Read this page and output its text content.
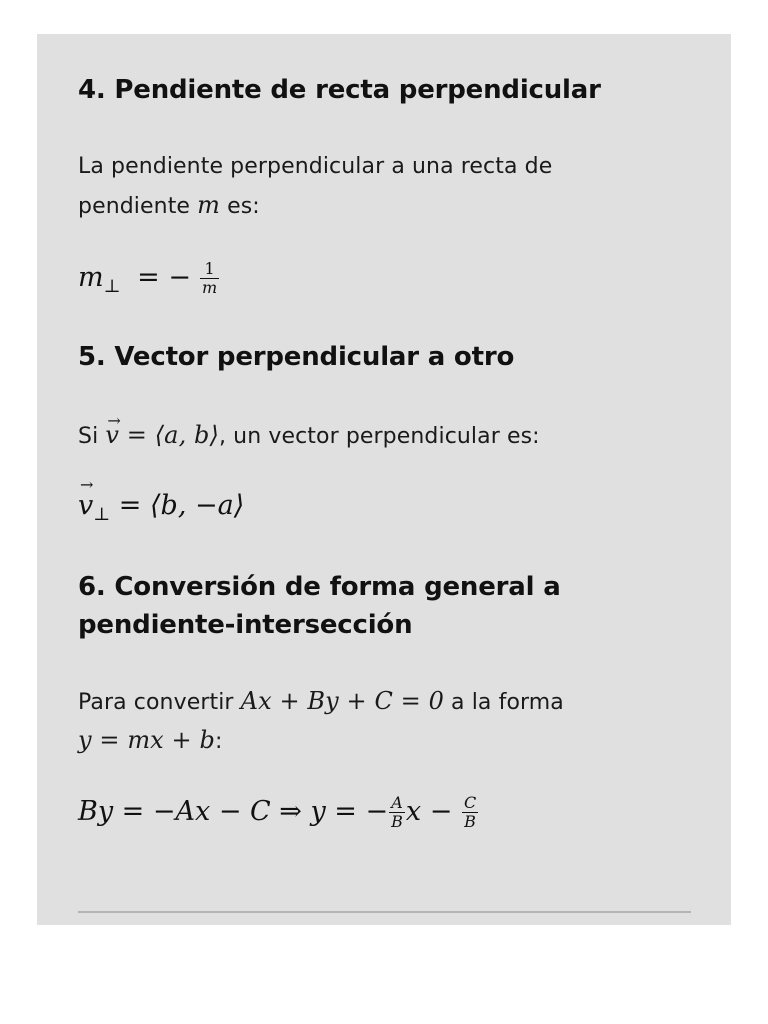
4. Pendiente de recta perpendicular

La pendiente perpendicular a una recta de

pendiente m es:

$m_\perp$ = − $\frac{1}{m}$
5. Vector perpendicular a otro

Si → v = ⟨a, b⟩, un vector perpendicular es:

→ $v_\perp$ = ⟨b, −a⟩
6. Conversión de forma general a
pendiente-intersección

Para convertir Ax + By + C = 0 a la forma

y = mx + b:

By = −Ax − C ⇒ y = − $\frac{A}{B}$ $x - \frac{C}{B}$
